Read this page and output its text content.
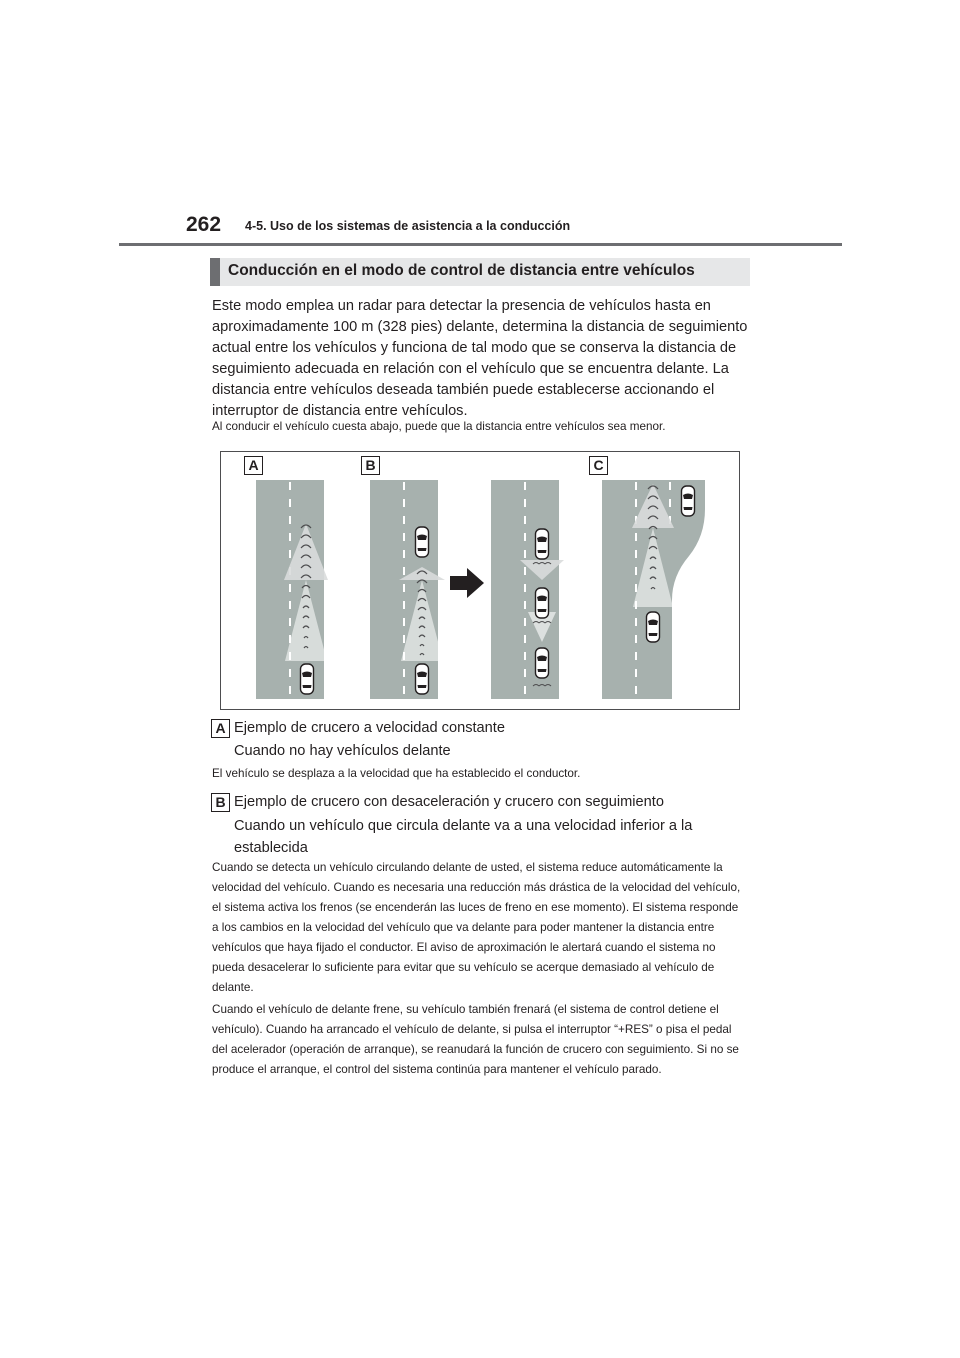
262 4-5. Uso de los sistemas de asistencia a la conducción
Conducción en el modo de control de distancia entre vehículos
Este modo emplea un radar para detectar la presencia de vehículos hasta en aproximadamente 100 m (328 pies) delante, determina la distancia de seguimiento actual entre los vehículos y funciona de tal modo que se conserva la distancia de seguimiento adecuada en relación con el vehículo que se encuentra delante. La distancia entre vehículos deseada también puede establecerse accionando el interruptor de distancia entre vehículos.
Al conducir el vehículo cuesta abajo, puede que la distancia entre vehículos sea menor.
A	B	C
A Ejemplo de crucero a velocidad constante
Cuando no hay vehículos delante
El vehículo se desplaza a la velocidad que ha establecido el conductor.
B Ejemplo de crucero con desaceleración y crucero con seguimiento
Cuando un vehículo que circula delante va a una velocidad inferior a la establecida
Cuando se detecta un vehículo circulando delante de usted, el sistema reduce automáticamente la velocidad del vehículo. Cuando es necesaria una reducción más drástica de la velocidad del vehículo, el sistema activa los frenos (se encenderán las luces de freno en ese momento). El sistema responde a los cambios en la velocidad del vehículo que va delante para poder mantener la distancia entre vehículos que haya fijado el conductor. El aviso de aproximación le alertará cuando el sistema no pueda desacelerar lo suficiente para evitar que su vehículo se acerque demasiado al vehículo de delante.
Cuando el vehículo de delante frene, su vehículo también frenará (el sistema de control detiene el vehículo). Cuando ha arrancado el vehículo de delante, si pulsa el interruptor “+RES” o pisa el pedal del acelerador (operación de arranque), se reanudará la función de crucero con seguimiento. Si no se produce el arranque, el control del sistema continúa para mantener el vehículo parado.
